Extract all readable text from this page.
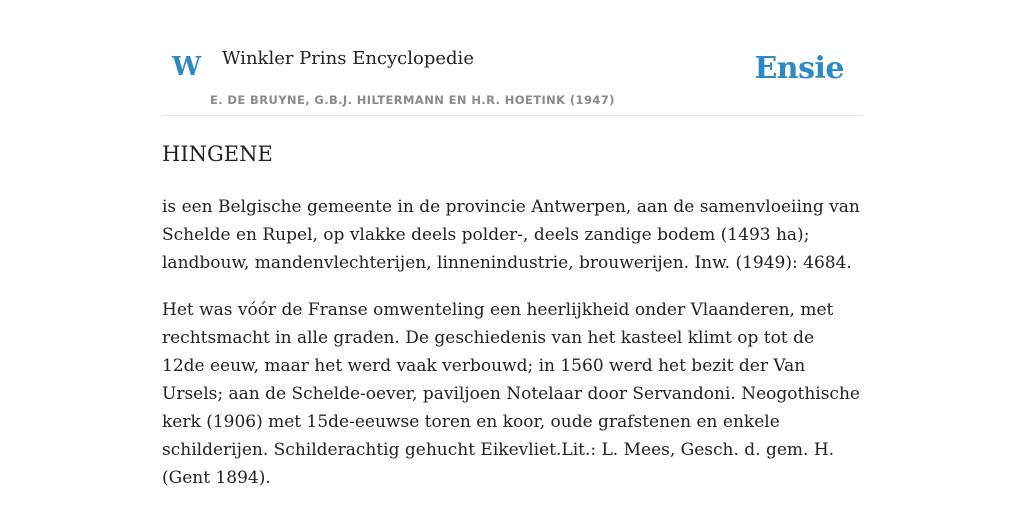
W Winkler Prins Encyclopedie
E. DE BRUYNE, G.B.J. HILTERMANN EN H.R. HOETINK (1947)
Ensie
HINGENE

is een Belgische gemeente in de provincie Antwerpen, aan de samenvloeiing van Schelde en Rupel, op vlakke deels polder-, deels zandige bodem (1493 ha); landbouw, mandenvlechterijen, linnenindustrie, brouwerijen. Inw. (1949): 4684.

Het was vóór de Franse omwenteling een heerlijkheid onder Vlaanderen, met rechtsmacht in alle graden. De geschiedenis van het kasteel klimt op tot de 12de eeuw, maar het werd vaak verbouwd; in 1560 werd het bezit der Van Ursels; aan de Schelde-oever, paviljoen Notelaar door Servandoni. Neogothische kerk (1906) met 15de-eeuwse toren en koor, oude grafstenen en enkele schilderijen. Schilderachtig gehucht Eikevliet.Lit.: L. Mees, Gesch. d. gem. H. (Gent 1894).
